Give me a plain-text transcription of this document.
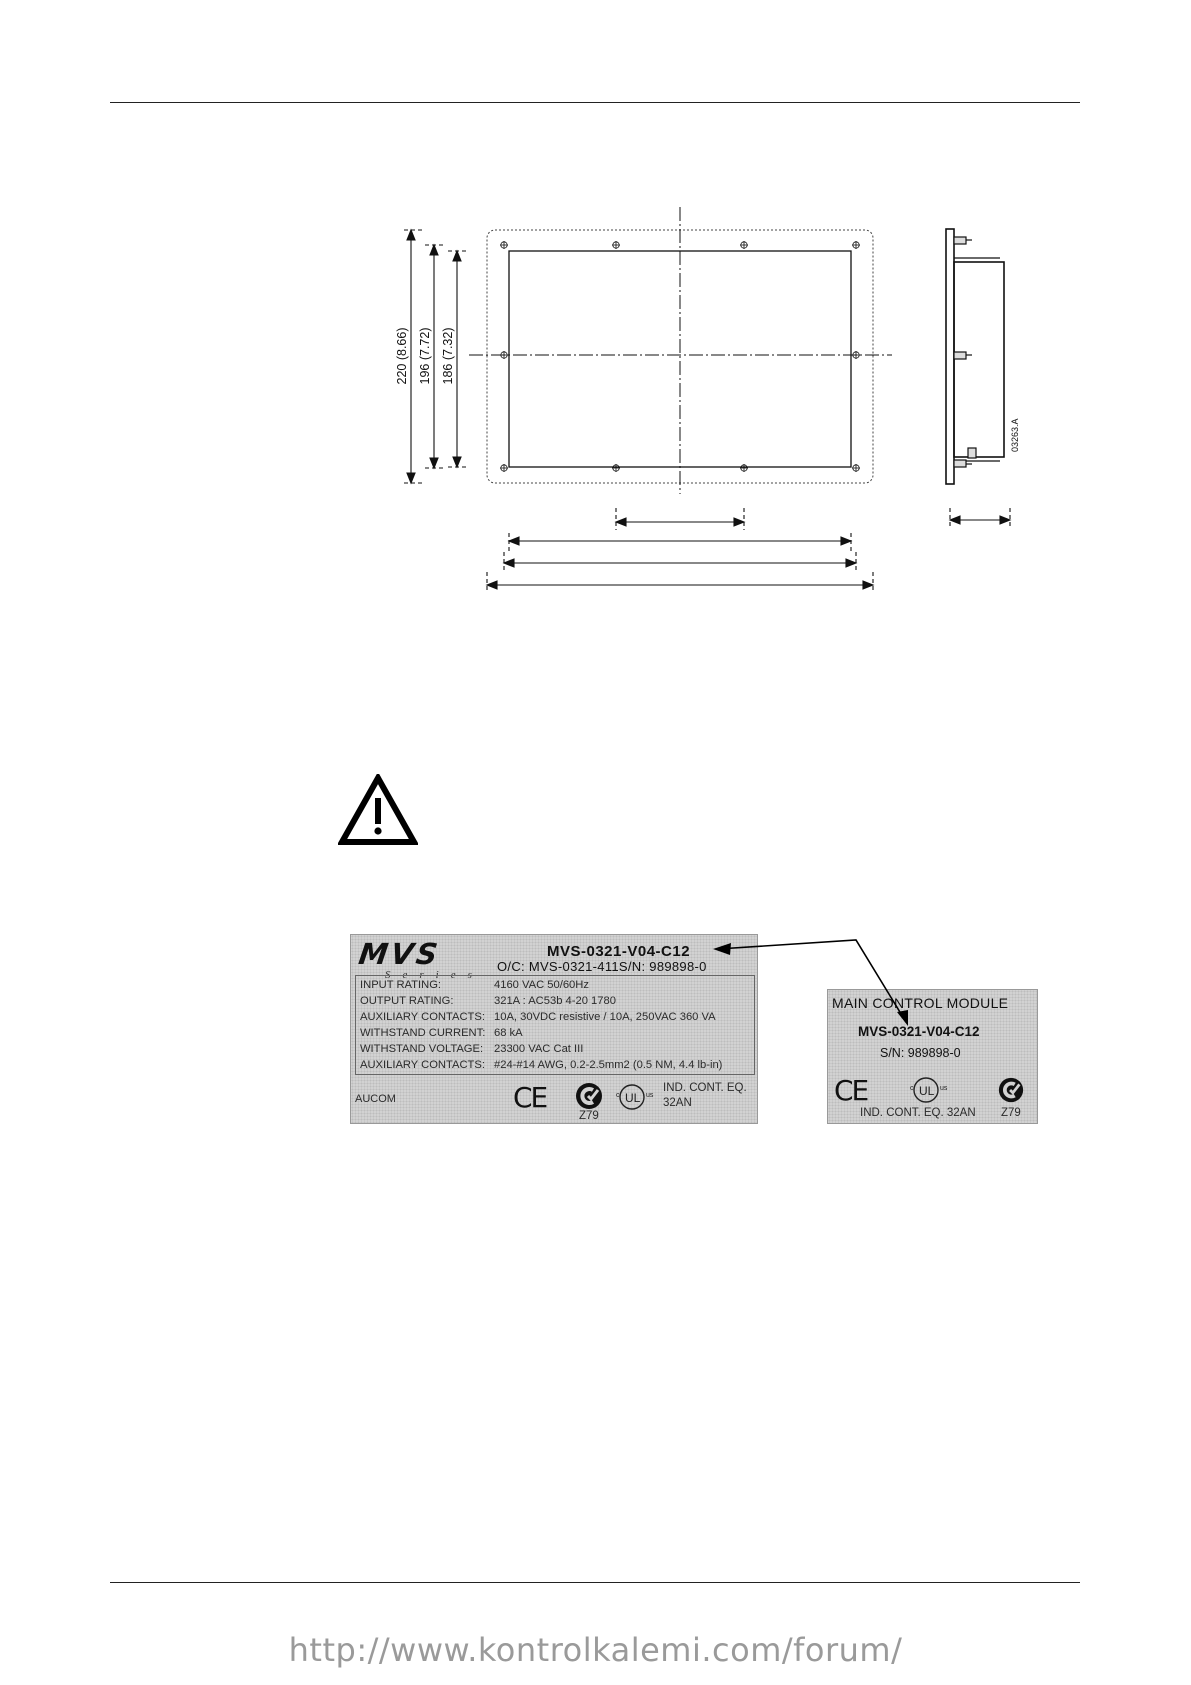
220 (8.66) 196 (7.72) 186 (7.32)
03263.A
MVS
Series
MVS-0321-V04-C12
O/C: MVS-0321-411S/N: 989898-0
INPUT RATING:	4160 VAC 50/60Hz
OUTPUT RATING:	321A : AC53b 4-20 1780
AUXILIARY CONTACTS: 10A, 30VDC resistive / 10A, 250VAC 360 VA
WITHSTAND CURRENT: 68 kA
WITHSTAND VOLTAGE: 23300 VAC Cat III
AUXILIARY CONTACTS: #24-#14 AWG, 0.2-2.5mm2 (0.5 NM, 4.4 lb-in)
AUCOM	CE
Z79
UL
c	us
IND. CONT. EQ.
32AN
MAIN CONTROL MODULE
MVS-0321-V04-C12
S/N: 989898-0
CE	UL
c	us
IND. CONT. EQ. 32AN Z79
http://www.kontrolkalemi.com/forum/
